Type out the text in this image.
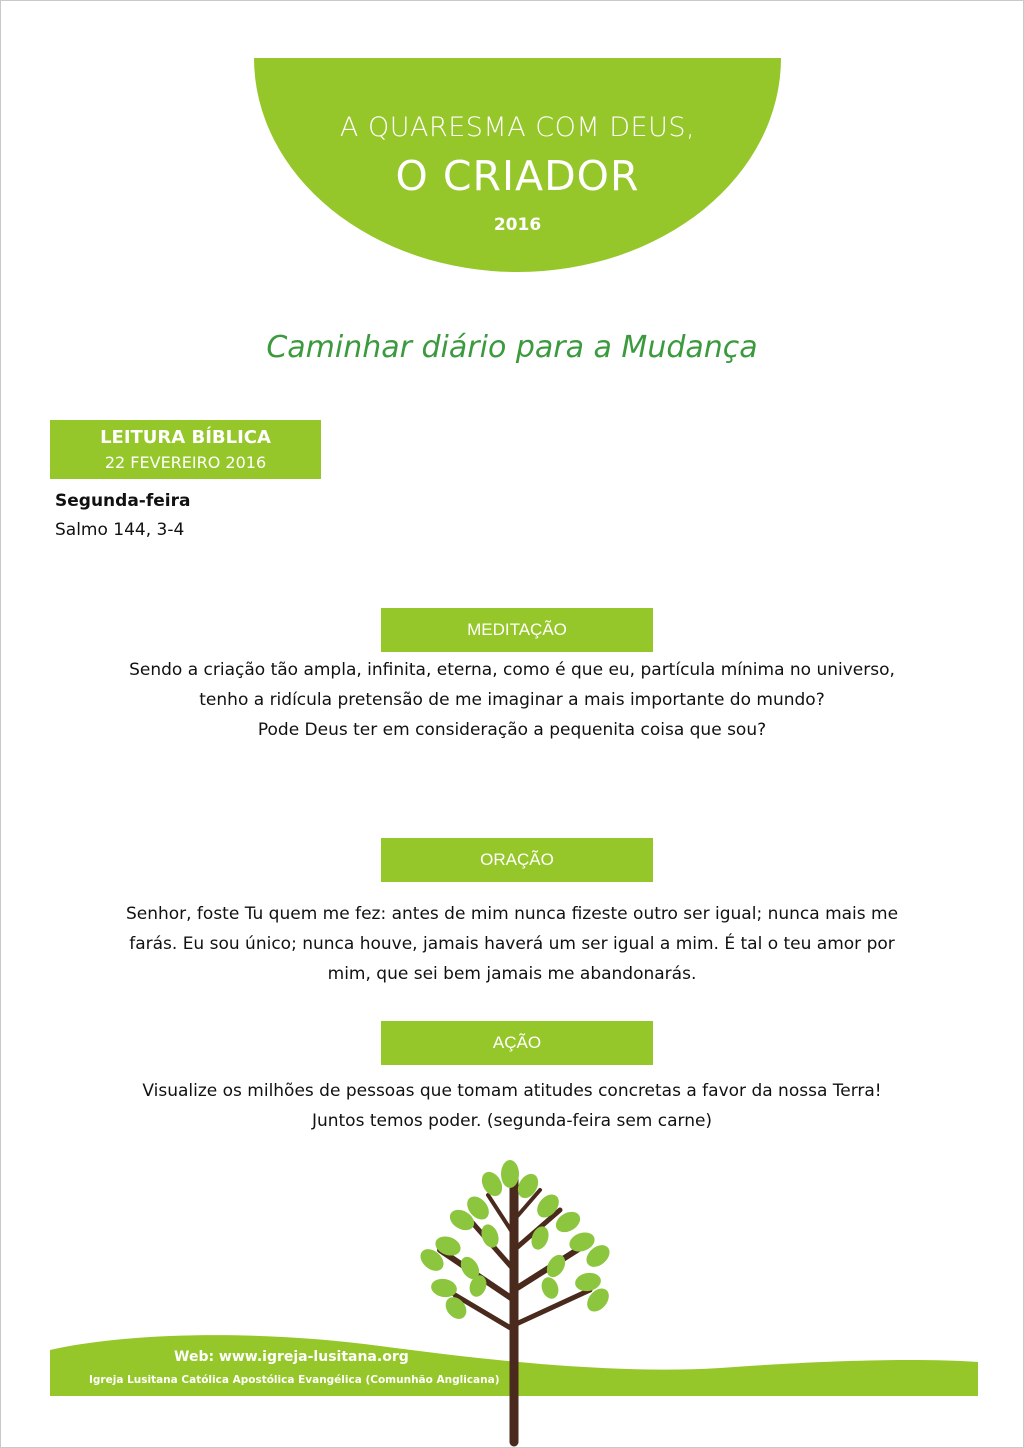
A QUARESMA COM DEUS,
O CRIADOR
2016
Caminhar diário para a Mudança
LEITURA BÍBLICA
22 FEVEREIRO 2016
Segunda-feira
Salmo 144, 3-4
MEDITAÇÃO
Sendo a criação tão ampla, infinita, eterna, como é que eu, partícula mínima no universo,
tenho a ridícula pretensão de me imaginar a mais importante do mundo?
Pode Deus ter em consideração a pequenita coisa que sou?
ORAÇÃO
Senhor, foste Tu quem me fez: antes de mim nunca fizeste outro ser igual; nunca mais me
farás. Eu sou único; nunca houve, jamais haverá um ser igual a mim. É tal o teu amor por
mim, que sei bem jamais me abandonarás.
AÇÃO
Visualize os milhões de pessoas que tomam atitudes concretas a favor da nossa Terra!
Juntos temos poder. (segunda-feira sem carne)
Web: www.igreja-lusitana.org
Igreja Lusitana Católica Apostólica Evangélica (Comunhão Anglicana)
